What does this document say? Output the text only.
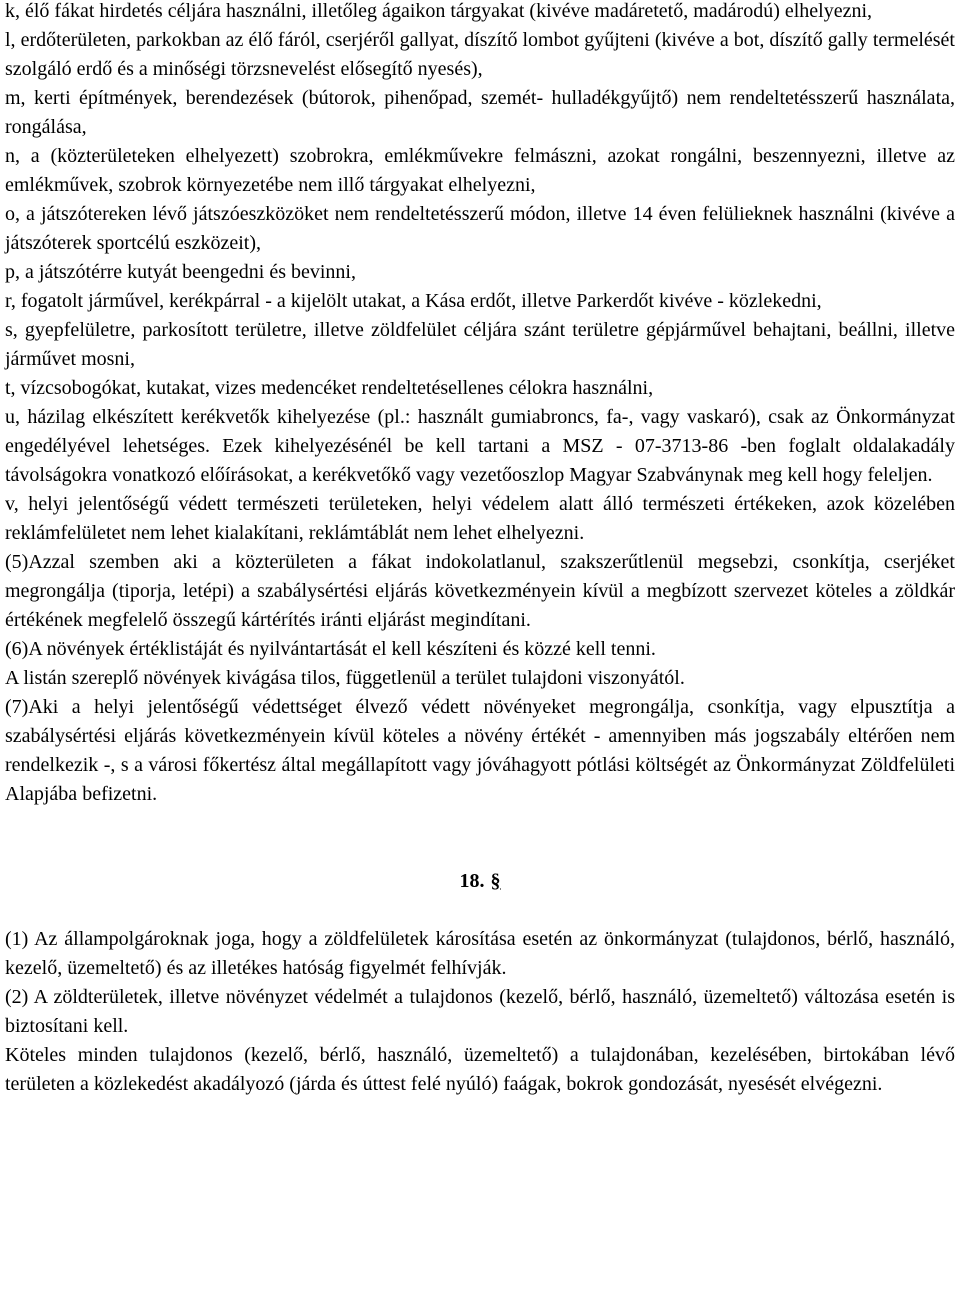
k, élő fákat hirdetés céljára használni, illetőleg ágaikon tárgyakat (kivéve madáretető, madárodú) elhelyezni,

l, erdőterületen, parkokban az élő fáról, cserjéről gallyat, díszítő lombot gyűjteni (kivéve a bot, díszítő gally termelését szolgáló erdő és a minőségi törzsnevelést elősegítő nyesés),

m, kerti építmények, berendezések (bútorok, pihenőpad, szemét- hulladékgyűjtő) nem rendeltetésszerű használata, rongálása,

n, a (közterületeken elhelyezett) szobrokra, emlékművekre felmászni, azokat rongálni, beszennyezni, illetve az emlékművek, szobrok környezetébe nem illő tárgyakat elhelyezni,

o, a játszótereken lévő játszóeszközöket nem rendeltetésszerű módon, illetve 14 éven felülieknek használni (kivéve a játszóterek sportcélú eszközeit),

p, a játszótérre kutyát beengedni és bevinni,

r, fogatolt járművel, kerékpárral - a kijelölt utakat, a Kása erdőt, illetve Parkerdőt kivéve - közlekedni,

s, gyepfelületre, parkosított területre, illetve zöldfelület céljára szánt területre gépjárművel behajtani, beállni, illetve járművet mosni,

t, vízcsobogókat, kutakat, vizes medencéket rendeltetésellenes célokra használni,

u, házilag elkészített kerékvetők kihelyezése (pl.: használt gumiabroncs, fa-, vagy vaskaró), csak az Önkormányzat engedélyével lehetséges. Ezek kihelyezésénél be kell tartani a MSZ - 07-3713-86 -ben foglalt oldalakadály távolságokra vonatkozó előírásokat, a kerékvetőkő vagy vezetőoszlop Magyar Szabványnak meg kell hogy feleljen.

v, helyi jelentőségű védett természeti területeken, helyi védelem alatt álló természeti értékeken, azok közelében reklámfelületet nem lehet kialakítani, reklámtáblát nem lehet elhelyezni.

(5)Azzal szemben aki a közterületen a fákat indokolatlanul, szakszerűtlenül megsebzi, csonkítja, cserjéket megrongálja (tiporja, letépi) a szabálysértési eljárás következményein kívül a megbízott szervezet köteles a zöldkár értékének megfelelő összegű kártérítés iránti eljárást megindítani.

(6)A növények értéklistáját és nyilvántartását el kell készíteni és közzé kell tenni.

A listán szereplő növények kivágása tilos, függetlenül a terület tulajdoni viszonyától.

(7)Aki a helyi jelentőségű védettséget élvező védett növényeket megrongálja, csonkítja, vagy elpusztítja a szabálysértési eljárás következményein kívül köteles a növény értékét - amennyiben más jogszabály eltérően nem rendelkezik -, s a városi főkertész által megállapított vagy jóváhagyott pótlási költségét az Önkormányzat Zöldfelületi Alapjába befizetni.

18. §

(1) Az állampolgároknak joga, hogy a zöldfelületek károsítása esetén az önkormányzat (tulajdonos, bérlő, használó, kezelő, üzemeltető) és az illetékes hatóság figyelmét felhívják.

(2) A zöldterületek, illetve növényzet védelmét a tulajdonos (kezelő, bérlő, használó, üzemeltető) változása esetén is biztosítani kell.

Köteles minden tulajdonos (kezelő, bérlő, használó, üzemeltető) a tulajdonában, kezelésében, birtokában lévő területen a közlekedést akadályozó (járda és úttest felé nyúló) faágak, bokrok gondozását, nyesését elvégezni.
